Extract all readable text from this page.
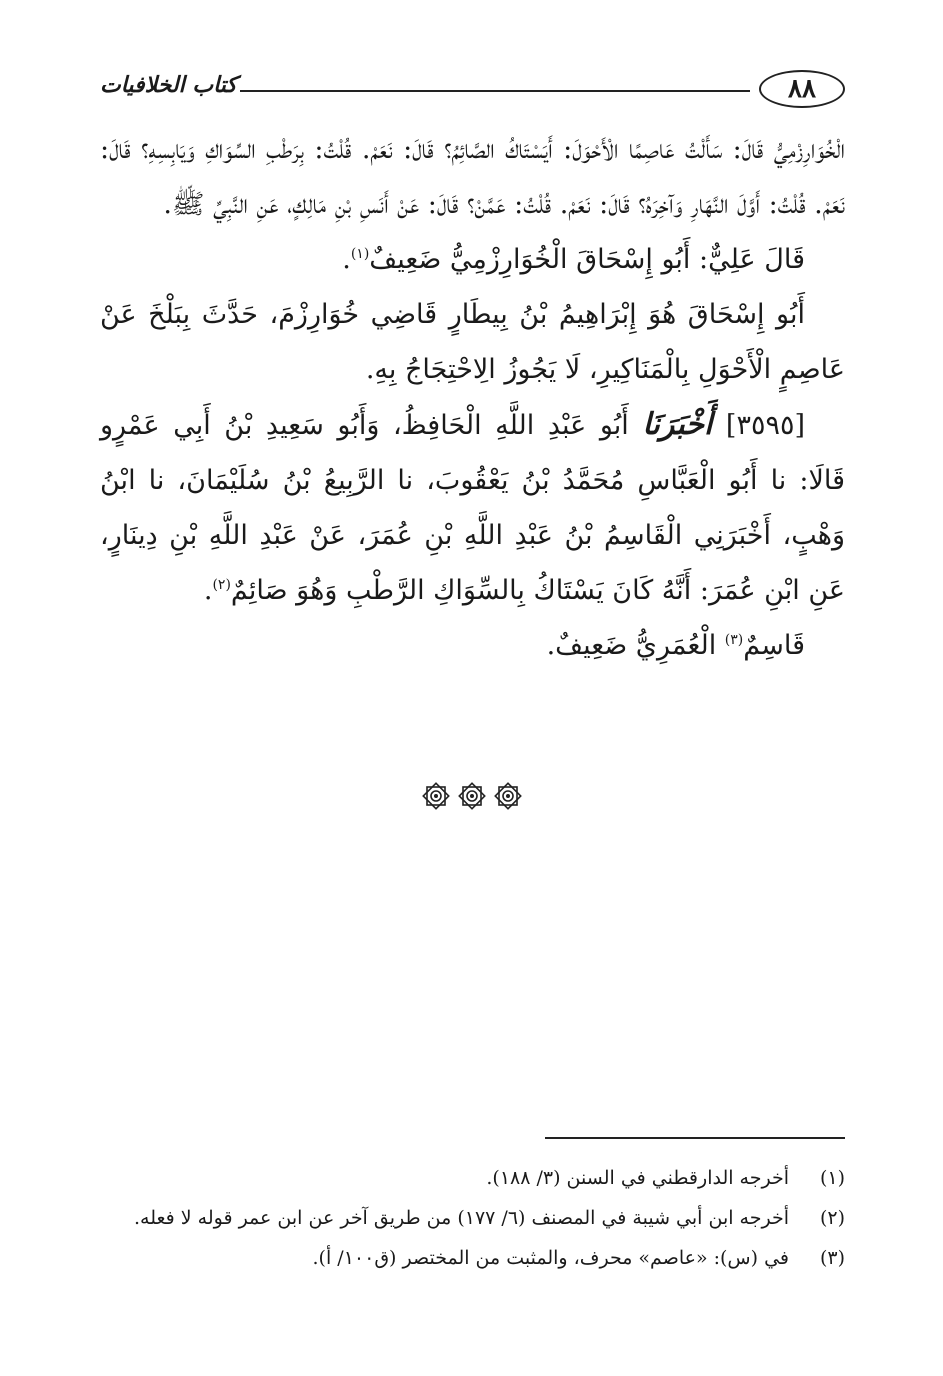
٨٨
كتاب الخلافيات

الْخُوَارِزْمِيُّ قَالَ: سَأَلْتُ عَاصِمًا الْأَحْوَلَ: أَيَسْتَاكُ الصَّائِمُ؟ قَالَ: نَعَمْ. قُلْتُ: بِرَطْبِ السِّوَاكِ وَيَابِسِهِ؟ قَالَ: نَعَمْ. قُلْتُ: أَوَّلَ النَّهَارِ وَآخِرَهُ؟ قَالَ: نَعَمْ. قُلْتُ: عَمَّنْ؟ قَالَ: عَنْ أَنَسِ بْنِ مَالِكٍ، عَنِ النَّبِيِّ ﷺ.

قَالَ عَلِيٌّ: أَبُو إِسْحَاقَ الْخُوَارِزْمِيُّ ضَعِيفٌ$^{(١)}$.

أَبُو إِسْحَاقَ هُوَ إِبْرَاهِيمُ بْنُ بِيطَارٍ قَاضِي خُوَارِزْمَ، حَدَّثَ بِبَلْخَ عَنْ عَاصِمٍ الْأَحْوَلِ بِالْمَنَاكِيرِ، لَا يَجُوزُ الِاحْتِجَاجُ بِهِ.

[٣٥٩٥] أَخْبَرَنَا أَبُو عَبْدِ اللَّهِ الْحَافِظُ، وَأَبُو سَعِيدِ بْنُ أَبِي عَمْرٍو قَالَا: نا أَبُو الْعَبَّاسِ مُحَمَّدُ بْنُ يَعْقُوبَ، نا الرَّبِيعُ بْنُ سُلَيْمَانَ، نا ابْنُ وَهْبٍ، أَخْبَرَنِي الْقَاسِمُ بْنُ عَبْدِ اللَّهِ بْنِ عُمَرَ، عَنْ عَبْدِ اللَّهِ بْنِ دِينَارٍ، عَنِ ابْنِ عُمَرَ: أَنَّهُ كَانَ يَسْتَاكُ بِالسِّوَاكِ الرَّطْبِ وَهُوَ صَائِمٌ$^{(٢)}$.

قَاسِمٌ$^{(٣)}$ الْعُمَرِيُّ ضَعِيفٌ.

(١)
أخرجه الدارقطني في السنن (٣/ ١٨٨).
(٢)
أخرجه ابن أبي شيبة في المصنف (٦/ ١٧٧) من طريق آخر عن ابن عمر قوله لا فعله.
(٣)
في (س): «عاصم» محرف، والمثبت من المختصر (ق١٠٠/ أ).
